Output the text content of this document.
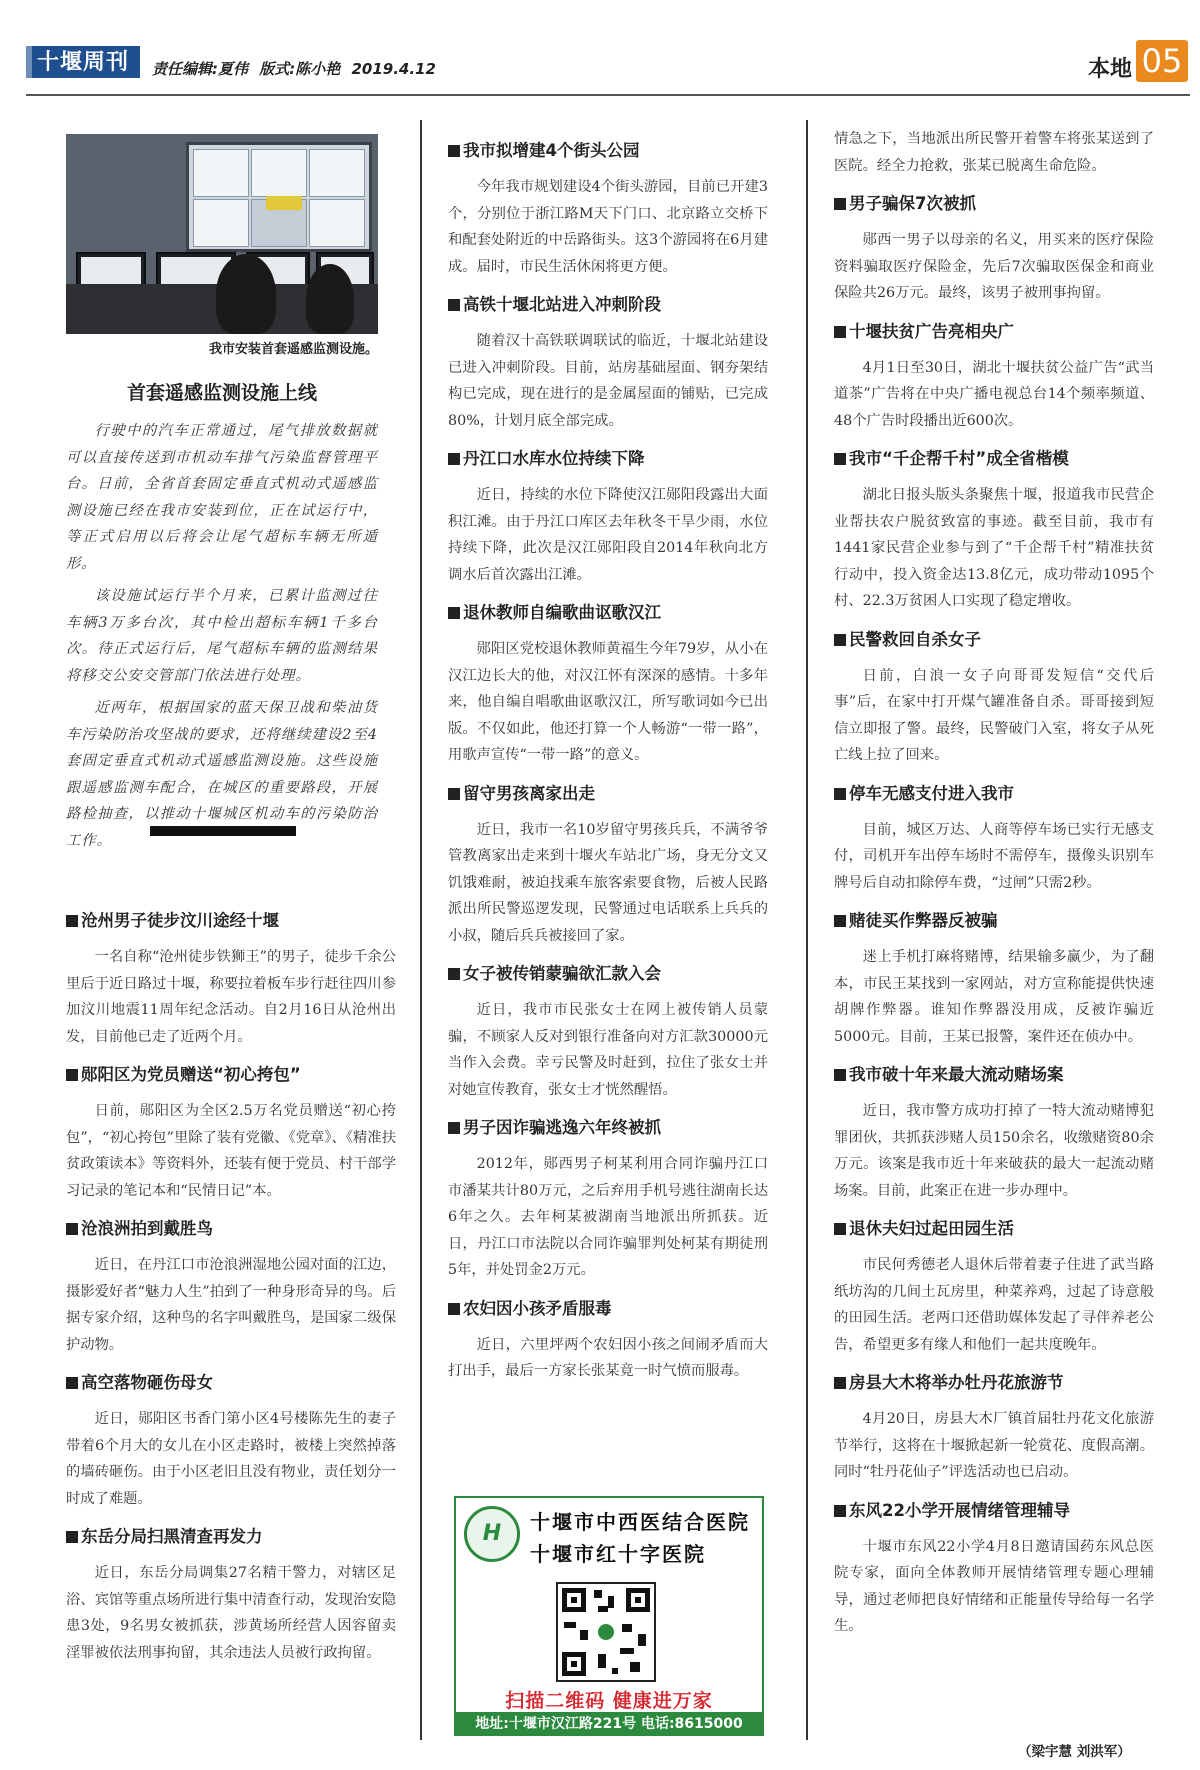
十堰周刊	责任编辑:夏伟 版式:陈小艳 2019.4.12	本地 05
我市安装首套遥感监测设施。
首套遥感监测设施上线

行驶中的汽车正常通过，尾气排放数据就可以直接传送到市机动车排气污染监督管理平台。日前，全省首套固定垂直式机动式遥感监测设施已经在我市安装到位，正在试运行中，等正式启用以后将会让尾气超标车辆无所遁形。

该设施试运行半个月来，已累计监测过往车辆3万多台次，其中检出超标车辆1千多台次。待正式运行后，尾气超标车辆的监测结果将移交公安交管部门依法进行处理。

近两年，根据国家的蓝天保卫战和柴油货车污染防治攻坚战的要求，还将继续建设2至4套固定垂直式机动式遥感监测设施。这些设施跟遥感监测车配合，在城区的重要路段，开展路检抽查，以推动十堰城区机动车的污染防治工作。

沧州男子徒步汶川途经十堰

一名自称“沧州徒步铁狮王”的男子，徒步千余公里后于近日路过十堰，称要拉着板车步行赶往四川参加汶川地震11周年纪念活动。自2月16日从沧州出发，目前他已走了近两个月。

郧阳区为党员赠送“初心挎包”

日前，郧阳区为全区2.5万名党员赠送“初心挎包”，“初心挎包”里除了装有党徽、《党章》、《精准扶贫政策读本》等资料外，还装有便于党员、村干部学习记录的笔记本和“民情日记”本。

沧浪洲拍到戴胜鸟

近日，在丹江口市沧浪洲湿地公园对面的江边，摄影爱好者“魅力人生”拍到了一种身形奇异的鸟。后据专家介绍，这种鸟的名字叫戴胜鸟，是国家二级保护动物。

高空落物砸伤母女

近日，郧阳区书香门第小区4号楼陈先生的妻子带着6个月大的女儿在小区走路时，被楼上突然掉落的墙砖砸伤。由于小区老旧且没有物业，责任划分一时成了难题。

东岳分局扫黑清查再发力

近日，东岳分局调集27名精干警力，对辖区足浴、宾馆等重点场所进行集中清查行动，发现治安隐患3处，9名男女被抓获，涉黄场所经营人因容留卖淫罪被依法刑事拘留，其余违法人员被行政拘留。

我市拟增建4个街头公园

今年我市规划建设4个街头游园，目前已开建3个，分别位于浙江路M天下门口、北京路立交桥下和配套处附近的中岳路街头。这3个游园将在6月建成。届时，市民生活休闲将更方便。

高铁十堰北站进入冲刺阶段

随着汉十高铁联调联试的临近，十堰北站建设已进入冲刺阶段。目前，站房基础屋面、钢夯架结构已完成，现在进行的是金属屋面的铺贴，已完成80%，计划月底全部完成。

丹江口水库水位持续下降

近日，持续的水位下降使汉江郧阳段露出大面积江滩。由于丹江口库区去年秋冬干旱少雨，水位持续下降，此次是汉江郧阳段自2014年秋向北方调水后首次露出江滩。

退休教师自编歌曲讴歌汉江

郧阳区党校退休教师黄福生今年79岁，从小在汉江边长大的他，对汉江怀有深深的感情。十多年来，他自编自唱歌曲讴歌汉江，所写歌词如今已出版。不仅如此，他还打算一个人畅游“一带一路”，用歌声宣传“一带一路”的意义。

留守男孩离家出走

近日，我市一名10岁留守男孩兵兵，不满爷爷管教离家出走来到十堰火车站北广场，身无分文又饥饿难耐，被迫找乘车旅客索要食物，后被人民路派出所民警巡逻发现，民警通过电话联系上兵兵的小叔，随后兵兵被接回了家。

女子被传销蒙骗欲汇款入会

近日，我市市民张女士在网上被传销人员蒙骗，不顾家人反对到银行准备向对方汇款30000元当作入会费。幸亏民警及时赶到，拉住了张女士并对她宣传教育，张女士才恍然醒悟。

男子因诈骗逃逸六年终被抓

2012年，郧西男子柯某利用合同诈骗丹江口市潘某共计80万元，之后弃用手机号逃往湖南长达6年之久。去年柯某被湖南当地派出所抓获。近日，丹江口市法院以合同诈骗罪判处柯某有期徒刑5年，并处罚金2万元。

农妇因小孩矛盾服毒

近日，六里坪两个农妇因小孩之间闹矛盾而大打出手，最后一方家长张某竟一时气愤而服毒。

H	十堰市中西医结合医院
十堰市红十字医院
扫描二维码 健康进万家
地址:十堰市汉江路221号 电话:8615000

情急之下，当地派出所民警开着警车将张某送到了医院。经全力抢救，张某已脱离生命危险。

男子骗保7次被抓

郧西一男子以母亲的名义，用买来的医疗保险资料骗取医疗保险金，先后7次骗取医保金和商业保险共26万元。最终，该男子被刑事拘留。

十堰扶贫广告亮相央广

4月1日至30日，湖北十堰扶贫公益广告“武当道茶”广告将在中央广播电视总台14个频率频道、48个广告时段播出近600次。

我市“千企帮千村”成全省楷模

湖北日报头版头条聚焦十堰，报道我市民营企业帮扶农户脱贫致富的事迹。截至目前，我市有1441家民营企业参与到了“千企帮千村”精准扶贫行动中，投入资金达13.8亿元，成功带动1095个村、22.3万贫困人口实现了稳定增收。

民警救回自杀女子

日前，白浪一女子向哥哥发短信“交代后事”后，在家中打开煤气罐准备自杀。哥哥接到短信立即报了警。最终，民警破门入室，将女子从死亡线上拉了回来。

停车无感支付进入我市

目前，城区万达、人商等停车场已实行无感支付，司机开车出停车场时不需停车，摄像头识别车牌号后自动扣除停车费，“过闸”只需2秒。

赌徒买作弊器反被骗

迷上手机打麻将赌博，结果输多赢少，为了翻本，市民王某找到一家网站，对方宣称能提供快速胡牌作弊器。谁知作弊器没用成，反被诈骗近5000元。目前，王某已报警，案件还在侦办中。

我市破十年来最大流动赌场案

近日，我市警方成功打掉了一特大流动赌博犯罪团伙，共抓获涉赌人员150余名，收缴赌资80余万元。该案是我市近十年来破获的最大一起流动赌场案。目前，此案正在进一步办理中。

退休夫妇过起田园生活

市民何秀德老人退休后带着妻子住进了武当路纸坊沟的几间土瓦房里，种菜养鸡，过起了诗意般的田园生活。老两口还借助媒体发起了寻伴养老公告，希望更多有缘人和他们一起共度晚年。

房县大木将举办牡丹花旅游节

4月20日，房县大木厂镇首届牡丹花文化旅游节举行，这将在十堰掀起新一轮赏花、度假高潮。同时“牡丹花仙子”评选活动也已启动。

东风22小学开展情绪管理辅导

十堰市东风22小学4月8日邀请国药东风总医院专家，面向全体教师开展情绪管理专题心理辅导，通过老师把良好情绪和正能量传导给每一名学生。

（梁宇慧 刘洪军）
